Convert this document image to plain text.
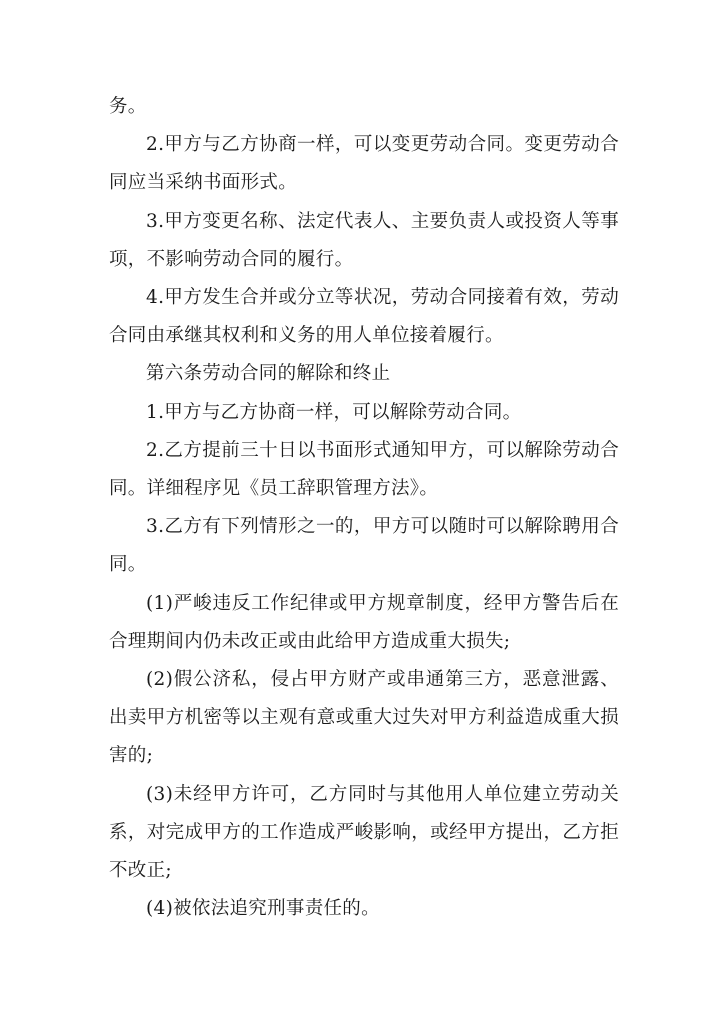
务。

2.甲方与乙方协商一样，可以变更劳动合同。变更劳动合同应当采纳书面形式。

3.甲方变更名称、法定代表人、主要负责人或投资人等事项，不影响劳动合同的履行。

4.甲方发生合并或分立等状况，劳动合同接着有效，劳动合同由承继其权利和义务的用人单位接着履行。

第六条劳动合同的解除和终止

1.甲方与乙方协商一样，可以解除劳动合同。

2.乙方提前三十日以书面形式通知甲方，可以解除劳动合同。详细程序见《员工辞职管理方法》。

3.乙方有下列情形之一的，甲方可以随时可以解除聘用合同。

(1)严峻违反工作纪律或甲方规章制度，经甲方警告后在合理期间内仍未改正或由此给甲方造成重大损失;

(2)假公济私，侵占甲方财产或串通第三方，恶意泄露、出卖甲方机密等以主观有意或重大过失对甲方利益造成重大损害的;

(3)未经甲方许可，乙方同时与其他用人单位建立劳动关系，对完成甲方的工作造成严峻影响，或经甲方提出，乙方拒不改正;

(4)被依法追究刑事责任的。
